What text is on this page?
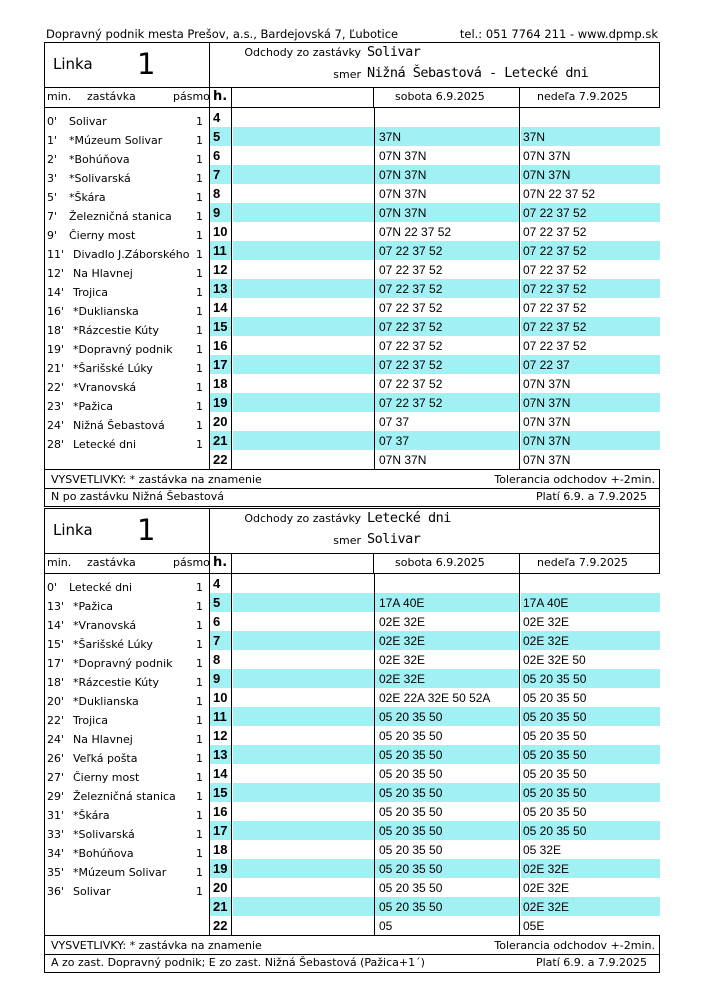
Dopravný podnik mesta Prešov, a.s., Bardejovská 7, Ľubotice	tel.: 051 7764 211 - www.dpmp.sk
Linka 1	Odchody zo zastávky Solivar
smer Nižná Šebastová - Letecké dni
min. zastávka	pásmo h.	sobota 6.9.2025	nedeľa 7.9.2025
0' Solivar	1
1' *Múzeum Solivar	1
2' *Bohúňova	1
3' *Solivarská	1
5' *Škára	1
7' Železničná stanica 1
9' Čierny most	1
11' Divadlo J.Záborského 1
12' Na Hlavnej	1
14' Trojica	1
16' *Duklianska	1
18' *Rázcestie Kúty	1
19' *Dopravný podnik 1
21' *Šarišské Lúky	1
22' *Vranovská	1
23' *Pažica	1
24' Nižná Šebastová	1
28' Letecké dni	1
4
5	37N	37N
6	07N 37N	07N 37N
7	07N 37N	07N 37N
8	07N 37N	07N 22 37 52
9	07N 37N	07 22 37 52
10	07N 22 37 52	07 22 37 52
11	07 22 37 52	07 22 37 52
12	07 22 37 52	07 22 37 52
13	07 22 37 52	07 22 37 52
14	07 22 37 52	07 22 37 52
15	07 22 37 52	07 22 37 52
16	07 22 37 52	07 22 37 52
17	07 22 37 52	07 22 37
18	07 22 37 52	07N 37N
19	07 22 37 52	07N 37N
20	07 37	07N 37N
21	07 37	07N 37N
22	07N 37N	07N 37N
VYSVETLIVKY: * zastávka na znamenie	Tolerancia odchodov +-2min.
N po zastávku Nižná Šebastová	Platí 6.9. a 7.9.2025
Linka 1	Odchody zo zastávky Letecké dni
smer Solivar
min. zastávka	pásmo h.	sobota 6.9.2025	nedeľa 7.9.2025
0' Letecké dni	1
13' *Pažica	1
14' *Vranovská	1
15' *Šarišské Lúky	1
17' *Dopravný podnik 1
18' *Rázcestie Kúty	1
20' *Duklianska	1
22' Trojica	1
24' Na Hlavnej	1
26' Veľká pošta	1
27' Čierny most	1
29' Železničná stanica 1
31' *Škára	1
33' *Solivarská	1
34' *Bohúňova	1
35' *Múzeum Solivar	1
36' Solivar	1
4
5	17A 40E	17A 40E
6	02E 32E	02E 32E
7	02E 32E	02E 32E
8	02E 32E	02E 32E 50
9	02E 32E	05 20 35 50
10	02E 22A 32E 50 52A	05 20 35 50
11	05 20 35 50	05 20 35 50
12	05 20 35 50	05 20 35 50
13	05 20 35 50	05 20 35 50
14	05 20 35 50	05 20 35 50
15	05 20 35 50	05 20 35 50
16	05 20 35 50	05 20 35 50
17	05 20 35 50	05 20 35 50
18	05 20 35 50	05 32E
19	05 20 35 50	02E 32E
20	05 20 35 50	02E 32E
21	05 20 35 50	02E 32E
22	05	05E
VYSVETLIVKY: * zastávka na znamenie	Tolerancia odchodov +-2min.
A zo zast. Dopravný podnik; E zo zast. Nižná Šebastová (Pažica+1´)	Platí 6.9. a 7.9.2025
